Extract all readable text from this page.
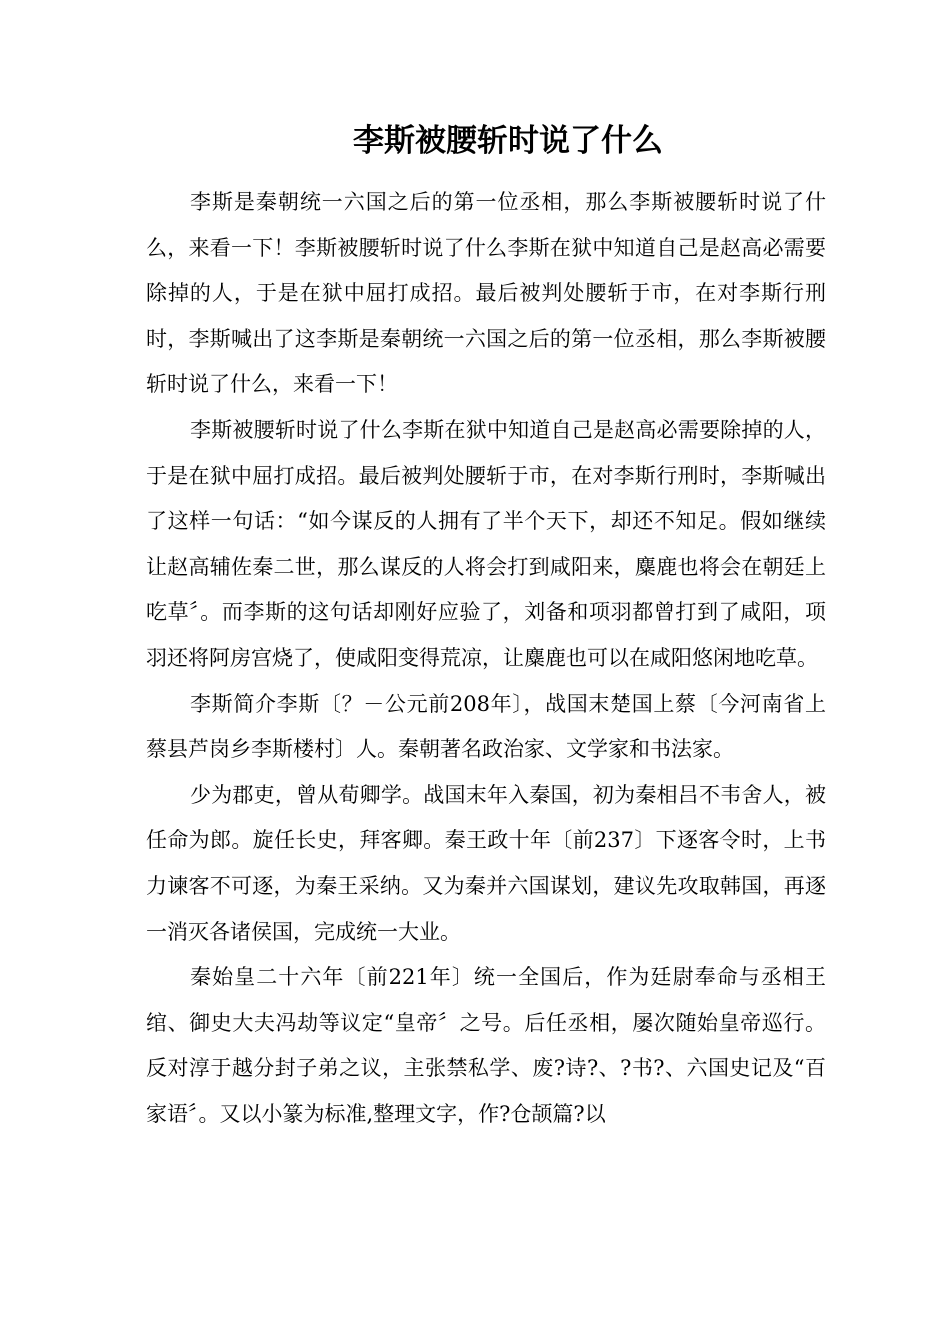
李斯被腰斩时说了什么

李斯是秦朝统一六国之后的第一位丞相，那么李斯被腰斩时说了什么，来看一下！李斯被腰斩时说了什么李斯在狱中知道自己是赵高必需要除掉的人，于是在狱中屈打成招。最后被判处腰斩于市，在对李斯行刑时，李斯喊出了这李斯是秦朝统一六国之后的第一位丞相，那么李斯被腰斩时说了什么，来看一下！

李斯被腰斩时说了什么李斯在狱中知道自己是赵高必需要除掉的人，于是在狱中屈打成招。最后被判处腰斩于市，在对李斯行刑时，李斯喊出了这样一句话：“如今谋反的人拥有了半个天下，却还不知足。假如继续让赵高辅佐秦二世，那么谋反的人将会打到咸阳来，麋鹿也将会在朝廷上吃草〞。而李斯的这句话却刚好应验了，刘备和项羽都曾打到了咸阳，项羽还将阿房宫烧了，使咸阳变得荒凉，让麋鹿也可以在咸阳悠闲地吃草。

李斯简介李斯〔？－公元前208年〕，战国末楚国上蔡〔今河南省上蔡县芦岗乡李斯楼村〕人。秦朝著名政治家、文学家和书法家。

少为郡吏，曾从荀卿学。战国末年入秦国，初为秦相吕不韦舍人，被任命为郎。旋任长史，拜客卿。秦王政十年〔前237〕下逐客令时，上书力谏客不可逐，为秦王采纳。又为秦并六国谋划，建议先攻取韩国，再逐一消灭各诸侯国，完成统一大业。

秦始皇二十六年〔前221年〕统一全国后，作为廷尉奉命与丞相王绾、御史大夫冯劫等议定“皇帝〞之号。后任丞相，屡次随始皇帝巡行。反对淳于越分封子弟之议，主张禁私学、废?诗?、?书?、六国史记及“百家语〞。又以小篆为标准,整理文字，作?仓颉篇?以
